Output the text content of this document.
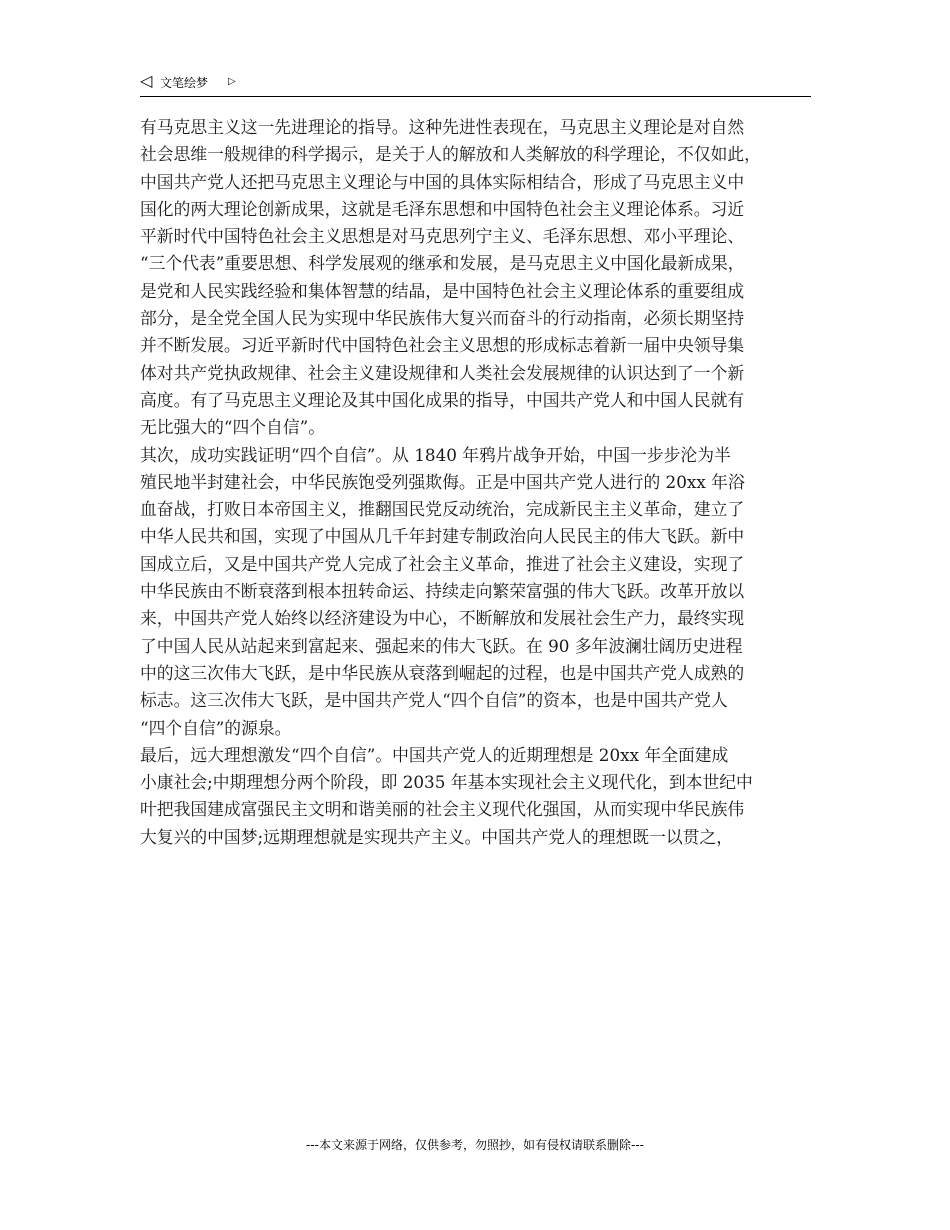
◁ 文笔绘梦 ▷
有马克思主义这一先进理论的指导。这种先进性表现在，马克思主义理论是对自然
社会思维一般规律的科学揭示，是关于人的解放和人类解放的科学理论，不仅如此，
中国共产党人还把马克思主义理论与中国的具体实际相结合，形成了马克思主义中
国化的两大理论创新成果，这就是毛泽东思想和中国特色社会主义理论体系。习近
平新时代中国特色社会主义思想是对马克思列宁主义、毛泽东思想、邓小平理论、
“三个代表”重要思想、科学发展观的继承和发展，是马克思主义中国化最新成果，
是党和人民实践经验和集体智慧的结晶，是中国特色社会主义理论体系的重要组成
部分，是全党全国人民为实现中华民族伟大复兴而奋斗的行动指南，必须长期坚持
并不断发展。习近平新时代中国特色社会主义思想的形成标志着新一届中央领导集
体对共产党执政规律、社会主义建设规律和人类社会发展规律的认识达到了一个新
高度。有了马克思主义理论及其中国化成果的指导，中国共产党人和中国人民就有
无比强大的“四个自信”。
其次，成功实践证明“四个自信”。从 1840 年鸦片战争开始，中国一步步沦为半
殖民地半封建社会，中华民族饱受列强欺侮。正是中国共产党人进行的 20xx 年浴
血奋战，打败日本帝国主义，推翻国民党反动统治，完成新民主主义革命，建立了
中华人民共和国，实现了中国从几千年封建专制政治向人民民主的伟大飞跃。新中
国成立后，又是中国共产党人完成了社会主义革命，推进了社会主义建设，实现了
中华民族由不断衰落到根本扭转命运、持续走向繁荣富强的伟大飞跃。改革开放以
来，中国共产党人始终以经济建设为中心，不断解放和发展社会生产力，最终实现
了中国人民从站起来到富起来、强起来的伟大飞跃。在 90 多年波澜壮阔历史进程
中的这三次伟大飞跃，是中华民族从衰落到崛起的过程，也是中国共产党人成熟的
标志。这三次伟大飞跃，是中国共产党人“四个自信”的资本，也是中国共产党人
“四个自信”的源泉。
最后，远大理想激发“四个自信”。中国共产党人的近期理想是 20xx 年全面建成
小康社会;中期理想分两个阶段，即 2035 年基本实现社会主义现代化，到本世纪中
叶把我国建成富强民主文明和谐美丽的社会主义现代化强国，从而实现中华民族伟
大复兴的中国梦;远期理想就是实现共产主义。中国共产党人的理想既一以贯之，
---本文来源于网络，仅供参考，勿照抄，如有侵权请联系删除---
